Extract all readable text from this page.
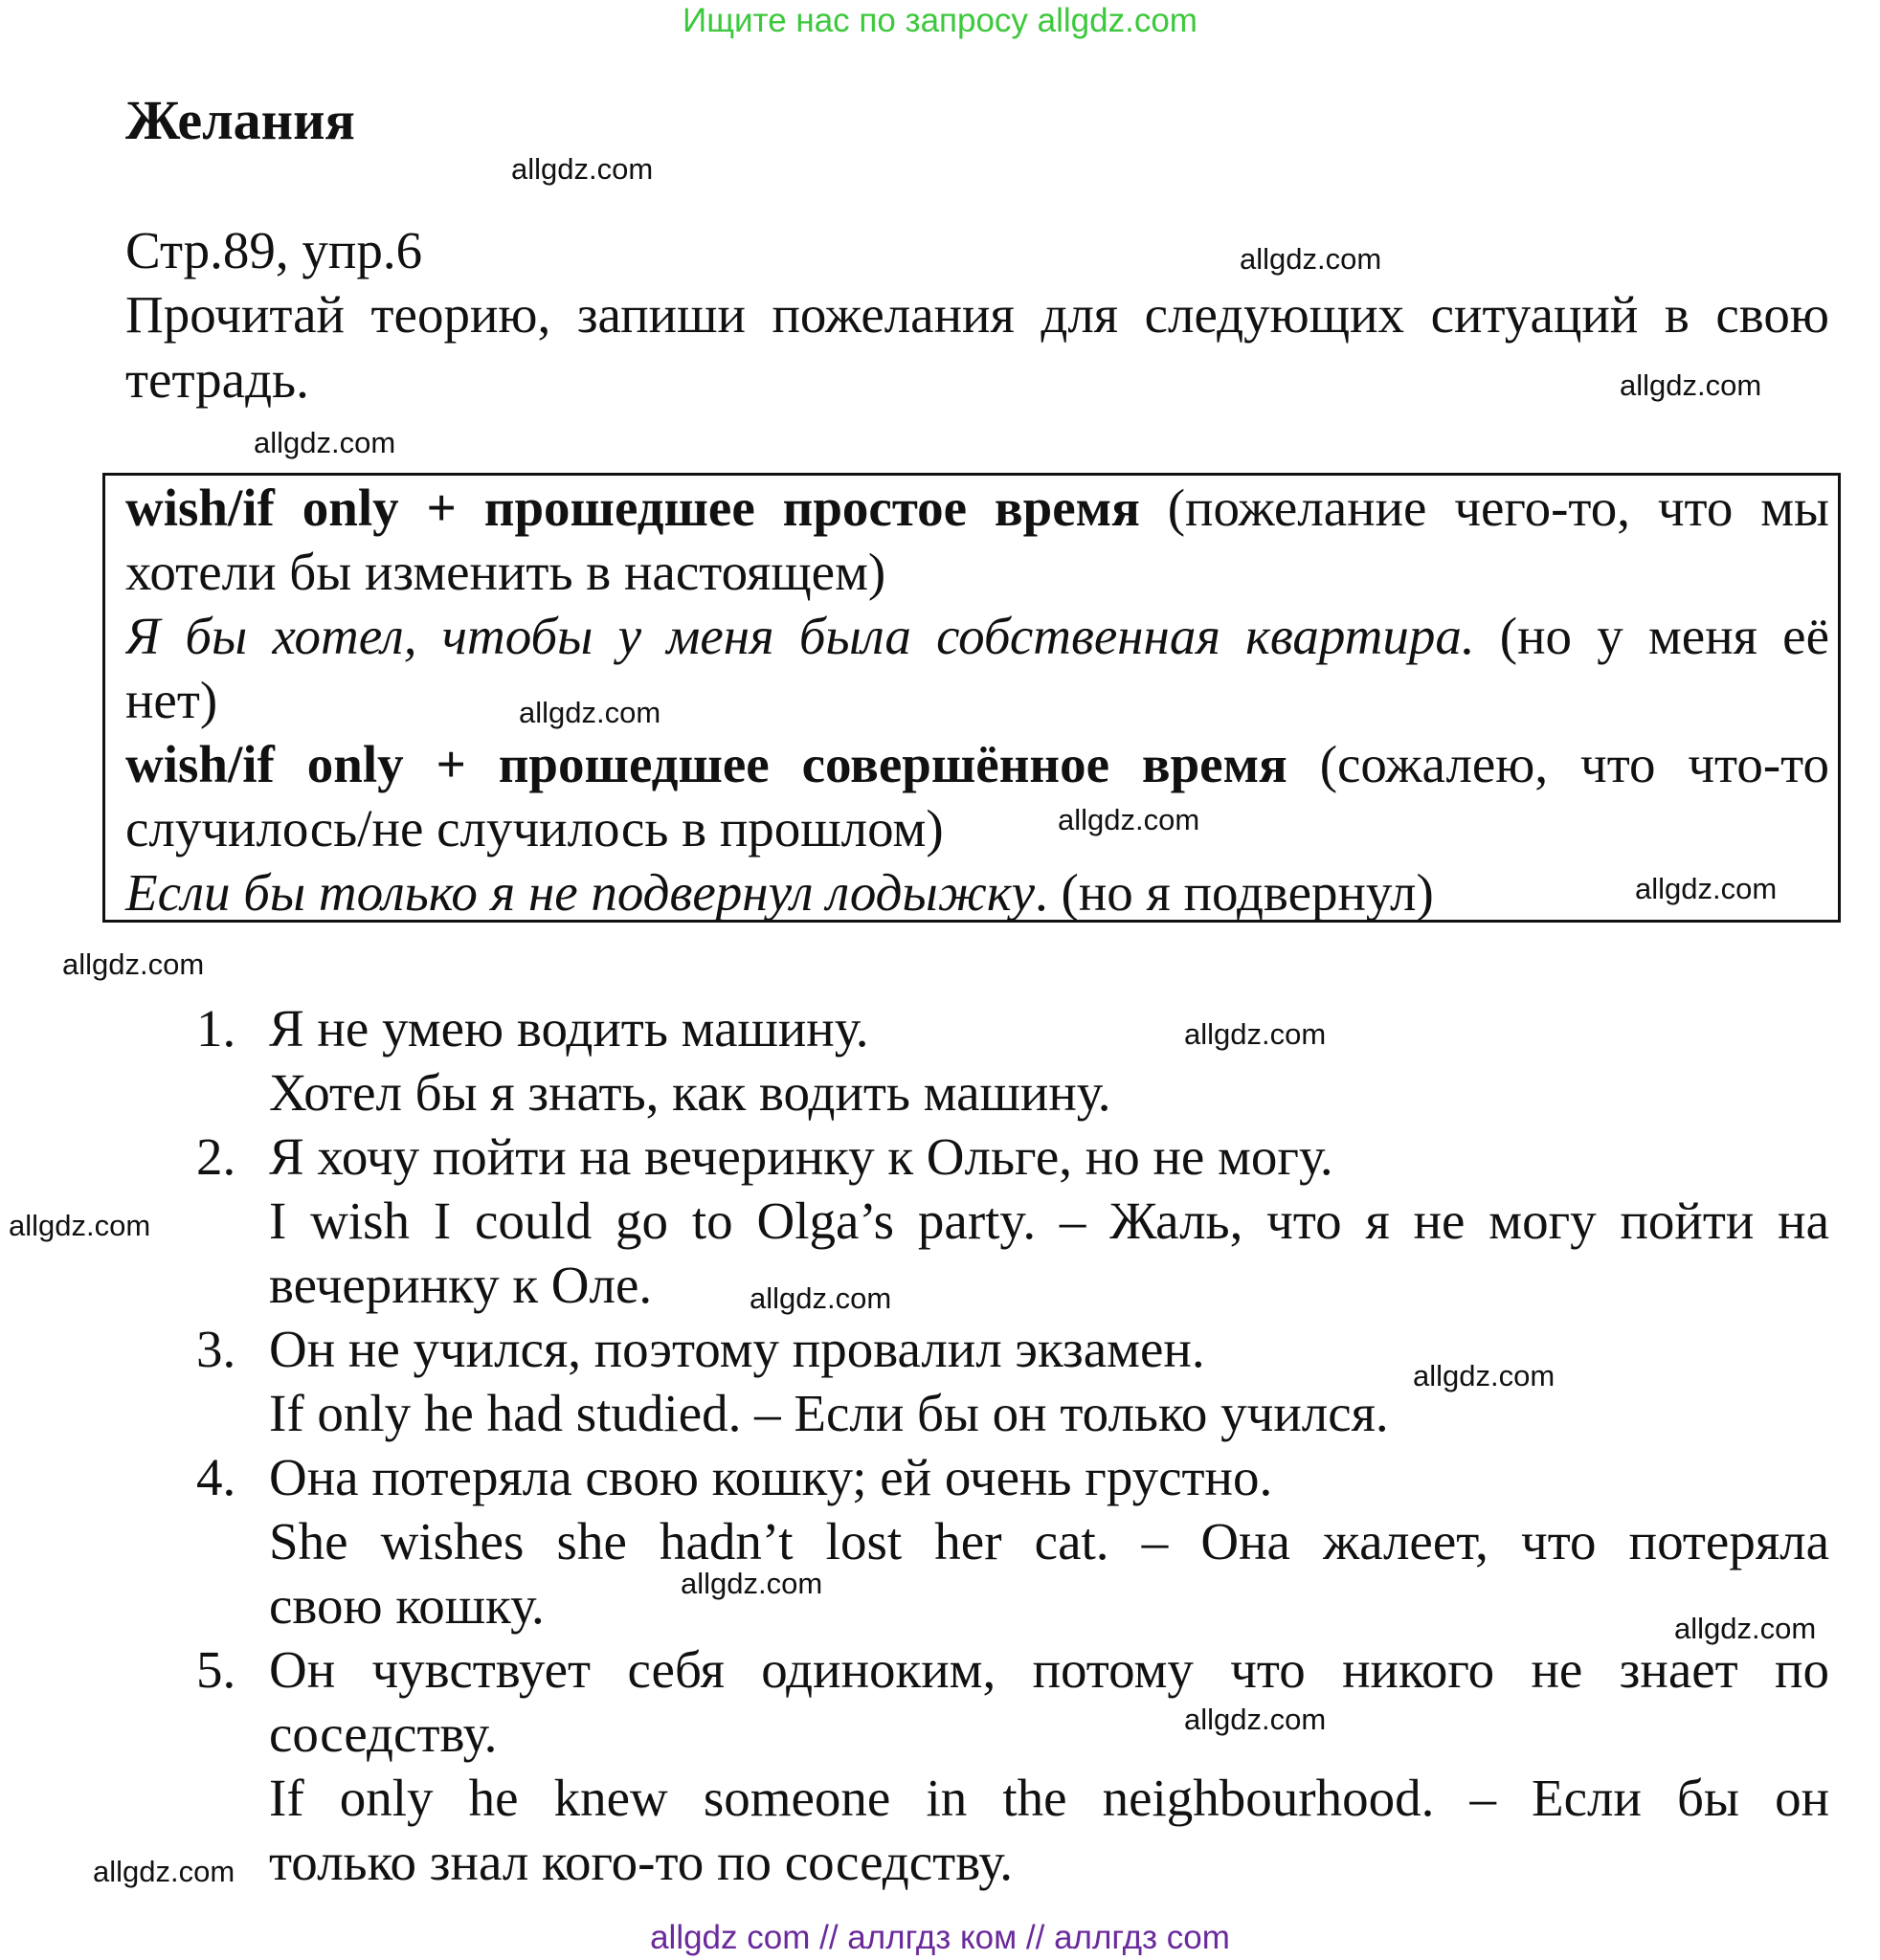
Ищите нас по запросу allgdz.com
Желания
Стр.89, упр.6
Прочитай теорию, запиши пожелания для следующих ситуаций в свою тетрадь.
wish/if only + прошедшее простое время (пожелание чего-то, что мы
хотели бы изменить в настоящем)
Я бы хотел, чтобы у меня была собственная квартира. (но у меня её
нет)
wish/if only + прошедшее совершённое время (сожалею, что что-то
случилось/не случилось в прошлом)
Если бы только я не подвернул лодыжку. (но я подвернул)
1. Я не умею водить машину.
Хотел бы я знать, как водить машину.
2. Я хочу пойти на вечеринку к Ольге, но не могу.
I wish I could go to Olga’s party. – Жаль, что я не могу пойти на
вечеринку к Оле.
3. Он не учился, поэтому провалил экзамен.
If only he had studied. – Если бы он только учился.
4. Она потеряла свою кошку; ей очень грустно.
She wishes she hadn’t lost her cat. – Она жалеет, что потеряла
свою кошку.
5. Он чувствует себя одиноким, потому что никого не знает по
соседству.
If only he knew someone in the neighbourhood. – Если бы он
только знал кого-то по соседству.
allgdz.com
allgdz.com
allgdz.com
allgdz.com
allgdz.com
allgdz.com
allgdz.com
allgdz.com
allgdz.com
allgdz.com
allgdz.com
allgdz.com
allgdz.com
allgdz.com
allgdz.com
allgdz.com
allgdz com // аллгдз ком // аллгдз com
